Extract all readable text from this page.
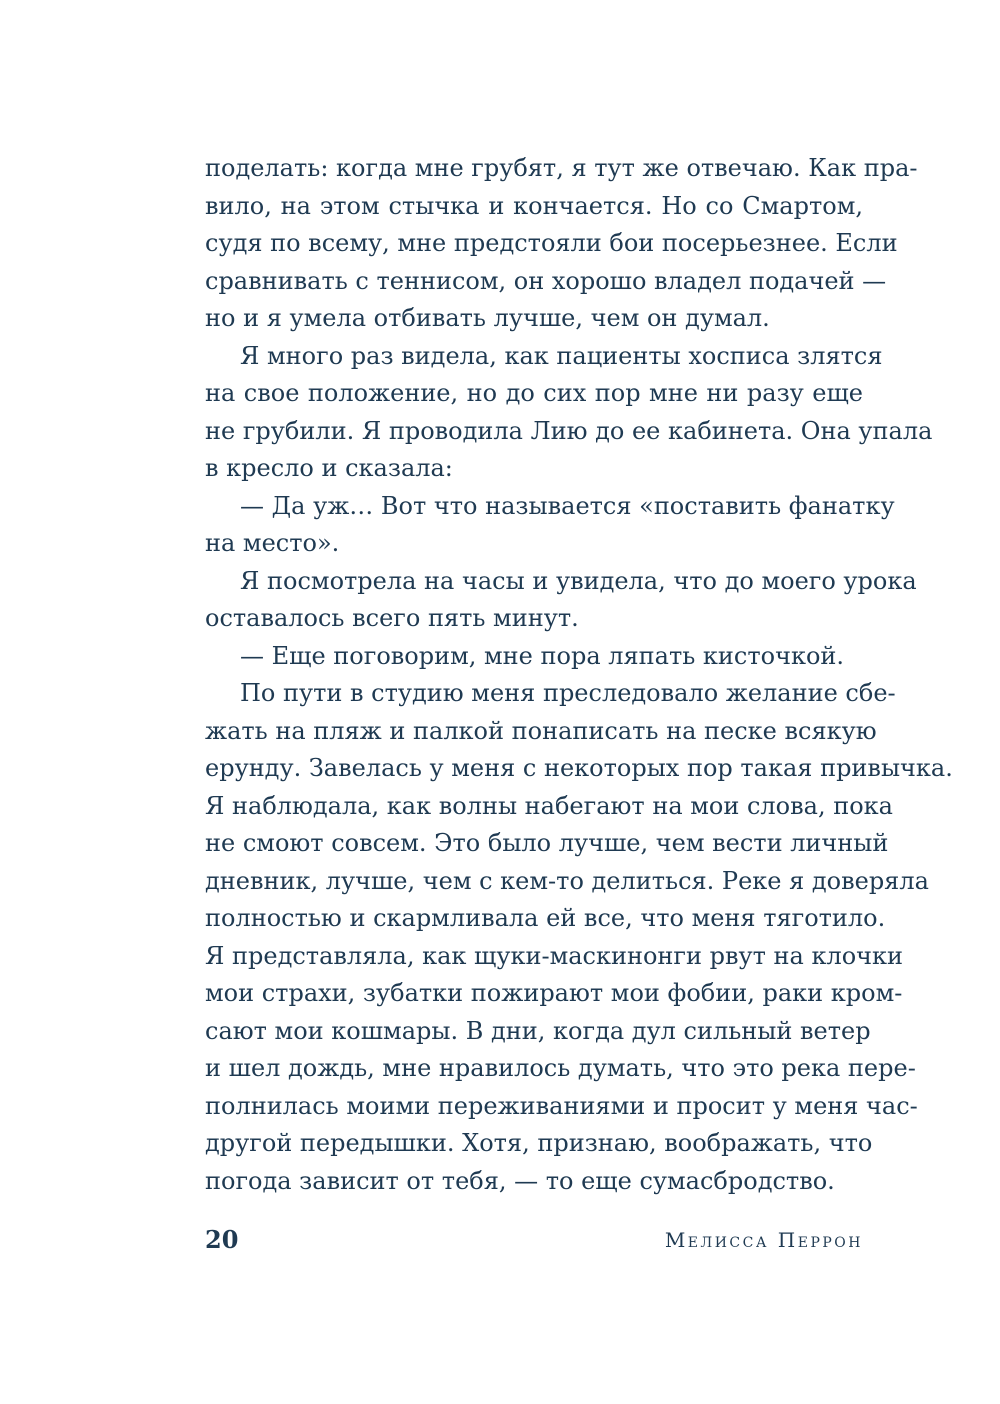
поделать: когда мне грубят, я тут же отвечаю. Как пра-
вило, на этом стычка и кончается. Но со Смартом,
судя по всему, мне предстояли бои посерьезнее. Если
сравнивать с теннисом, он хорошо владел подачей —
но и я умела отбивать лучше, чем он думал.
Я много раз видела, как пациенты хосписа злятся
на свое положение, но до сих пор мне ни разу еще
не грубили. Я проводила Лию до ее кабинета. Она упала
в кресло и сказала:
— Да уж… Вот что называется «поставить фанатку
на место».
Я посмотрела на часы и увидела, что до моего урока
оставалось всего пять минут.
— Еще поговорим, мне пора ляпать кисточкой.
По пути в студию меня преследовало желание сбе-
жать на пляж и палкой понаписать на песке всякую
ерунду. Завелась у меня с некоторых пор такая привычка.
Я наблюдала, как волны набегают на мои слова, пока
не смоют совсем. Это было лучше, чем вести личный
дневник, лучше, чем с кем-то делиться. Реке я доверяла
полностью и скармливала ей все, что меня тяготило.
Я представляла, как щуки-маскинонги рвут на клочки
мои страхи, зубатки пожирают мои фобии, раки кром-
сают мои кошмары. В дни, когда дул сильный ветер
и шел дождь, мне нравилось думать, что это река пере-
полнилась моими переживаниями и просит у меня час-
другой передышки. Хотя, признаю, воображать, что
погода зависит от тебя, — то еще сумасбродство.
20	Мелисса Перрон
